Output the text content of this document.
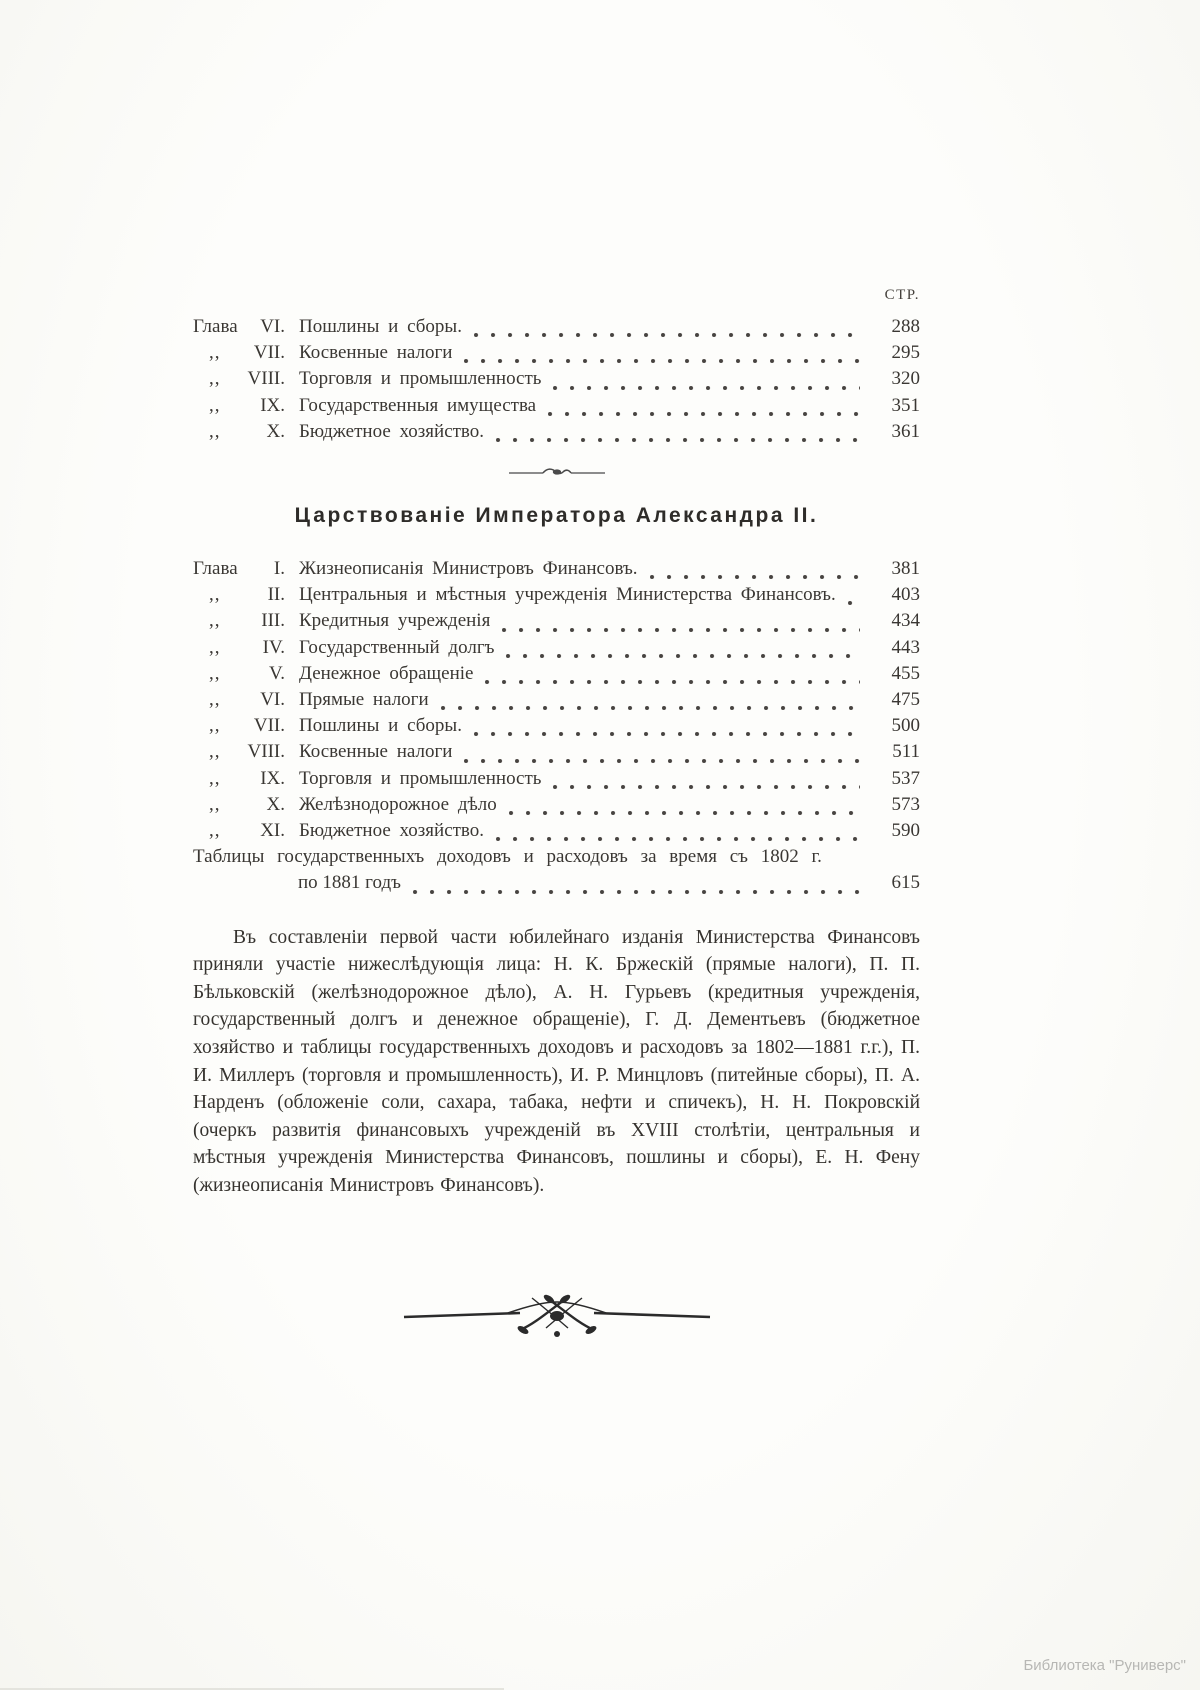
СТР.
Глава	VI. Пошлины и сборы.	288
,,	VII. Косвенные налоги	295
,,	VIII. Торговля и промышленность	320
,,	IX. Государственныя имущества	351
,,	X. Бюджетное хозяйство.	361
Царствованіе Императора Александра II.
Глава	I. Жизнеописанія Министровъ Финансовъ.	381
,,	II. Центральныя и мѣстныя учрежденія Министерства Финансовъ.	403
,,	III. Кредитныя учрежденія	434
,,	IV. Государственный долгъ	443
,,	V. Денежное обращеніе	455
,,	VI. Прямые налоги	475
,,	VII. Пошлины и сборы.	500
,,	VIII. Косвенные налоги	511
,,	IX. Торговля и промышленность	537
,,	X. Желѣзнодорожное дѣло	573
,,	XI. Бюджетное хозяйство.	590
Таблицы государственныхъ доходовъ и расходовъ за время съ 1802 г.
по 1881 годъ	615
Въ составленіи первой части юбилейнаго изданія Министерства Финансовъ приняли участіе нижеслѣдующія лица: Н. К. Бржескій (прямые налоги), П. П. Бѣльковскій (желѣзнодорожное дѣло), А. Н. Гурьевъ (кредитныя учрежденія, государственный долгъ и денежное обращеніе), Г. Д. Дементьевъ (бюджетное хозяйство и таблицы государственныхъ доходовъ и расходовъ за 1802—1881 г.г.), П. И. Миллеръ (торговля и промышленность), И. Р. Минцловъ (питейные сборы), П. А. Нарденъ (обложеніе соли, сахара, табака, нефти и спичекъ), Н. Н. Покровскій (очеркъ развитія финансовыхъ учрежденій въ XVIII столѣтіи, центральныя и мѣстныя учрежденія Министерства Финансовъ, пошлины и сборы), Е. Н. Фену (жизнеописанія Министровъ Финансовъ).
Библиотека "Руниверс"
